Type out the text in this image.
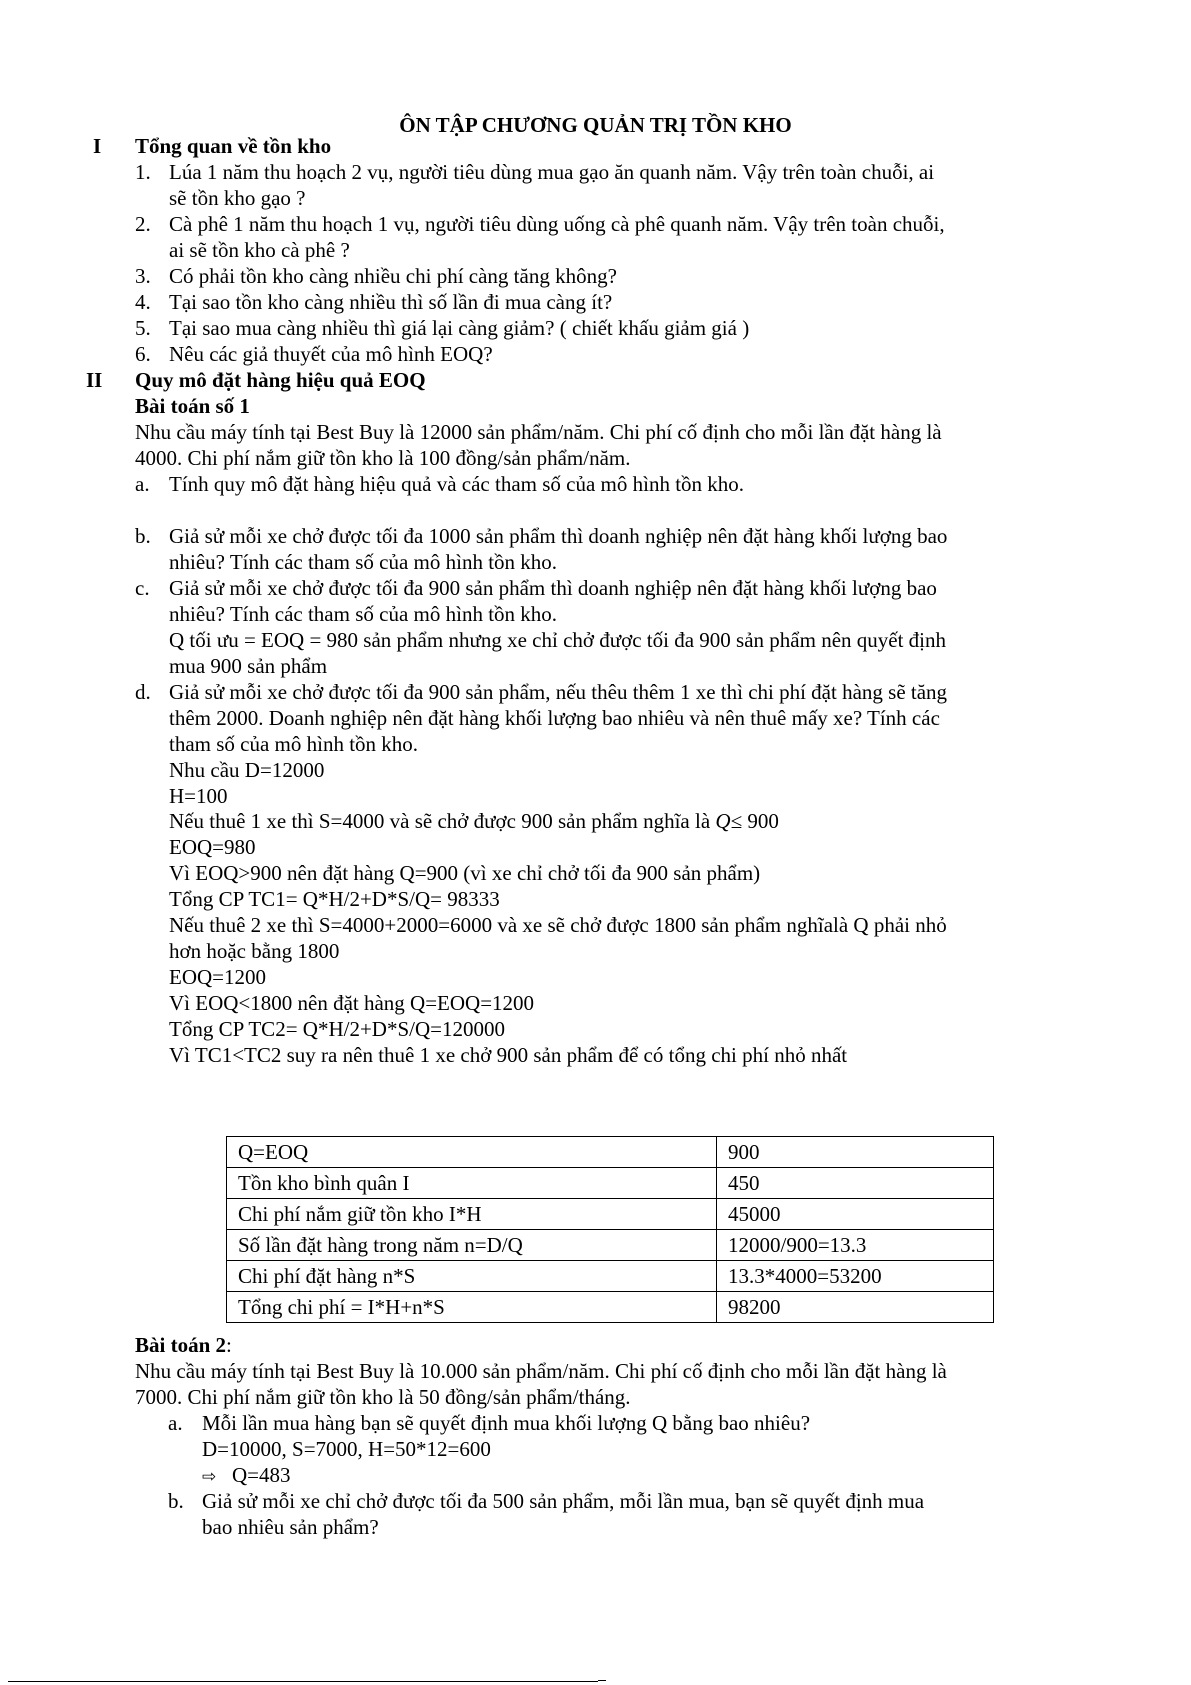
ÔN TẬP CHƯƠNG QUẢN TRỊ TỒN KHO
I Tổng quan về tồn kho
1. Lúa 1 năm thu hoạch 2 vụ, người tiêu dùng mua gạo ăn quanh năm. Vậy trên toàn chuỗi, ai
sẽ tồn kho gạo ?
2. Cà phê 1 năm thu hoạch 1 vụ, người tiêu dùng uống cà phê quanh năm. Vậy trên toàn chuỗi,
ai sẽ tồn kho cà phê ?
3. Có phải tồn kho càng nhiều chi phí càng tăng không?
4. Tại sao tồn kho càng nhiều thì số lần đi mua càng ít?
5. Tại sao mua càng nhiều thì giá lại càng giảm? ( chiết khấu giảm giá )
6. Nêu các giả thuyết của mô hình EOQ?
II Quy mô đặt hàng hiệu quả EOQ
Bài toán số 1
Nhu cầu máy tính tại Best Buy là 12000 sản phẩm/năm. Chi phí cố định cho mỗi lần đặt hàng là
4000. Chi phí nắm giữ tồn kho là 100 đồng/sản phẩm/năm.
a. Tính quy mô đặt hàng hiệu quả và các tham số của mô hình tồn kho.
b. Giả sử mỗi xe chở được tối đa 1000 sản phẩm thì doanh nghiệp nên đặt hàng khối lượng bao
nhiêu? Tính các tham số của mô hình tồn kho.
c. Giả sử mỗi xe chở được tối đa 900 sản phẩm thì doanh nghiệp nên đặt hàng khối lượng bao
nhiêu? Tính các tham số của mô hình tồn kho.
Q tối ưu = EOQ = 980 sản phẩm nhưng xe chỉ chở được tối đa 900 sản phẩm nên quyết định
mua 900 sản phẩm
d. Giả sử mỗi xe chở được tối đa 900 sản phẩm, nếu thêu thêm 1 xe thì chi phí đặt hàng sẽ tăng
thêm 2000. Doanh nghiệp nên đặt hàng khối lượng bao nhiêu và nên thuê mấy xe? Tính các
tham số của mô hình tồn kho.
Nhu cầu D=12000
H=100
Nếu thuê 1 xe thì S=4000 và sẽ chở được 900 sản phẩm nghĩa là Q≤ 900
EOQ=980
Vì EOQ>900 nên đặt hàng Q=900 (vì xe chỉ chở tối đa 900 sản phẩm)
Tổng CP TC1= Q*H/2+D*S/Q= 98333
Nếu thuê 2 xe thì S=4000+2000=6000 và xe sẽ chở được 1800 sản phẩm nghĩalà Q phải nhỏ
hơn hoặc bằng 1800
EOQ=1200
Vì EOQ<1800 nên đặt hàng Q=EOQ=1200
Tổng CP TC2= Q*H/2+D*S/Q=120000
Vì TC1<TC2 suy ra nên thuê 1 xe chở 900 sản phẩm để có tổng chi phí nhỏ nhất
Q=EOQ	900
Tồn kho bình quân I	450
Chi phí nắm giữ tồn kho I*H	45000
Số lần đặt hàng trong năm n=D/Q	12000/900=13.3
Chi phí đặt hàng n*S	13.3*4000=53200
Tổng chi phí = I*H+n*S	98200
Bài toán 2:
Nhu cầu máy tính tại Best Buy là 10.000 sản phẩm/năm. Chi phí cố định cho mỗi lần đặt hàng là
7000. Chi phí nắm giữ tồn kho là 50 đồng/sản phẩm/tháng.
a. Mỗi lần mua hàng bạn sẽ quyết định mua khối lượng Q bằng bao nhiêu?
D=10000, S=7000, H=50*12=600
⇨ Q=483
b. Giả sử mỗi xe chỉ chở được tối đa 500 sản phẩm, mỗi lần mua, bạn sẽ quyết định mua
bao nhiêu sản phẩm?
